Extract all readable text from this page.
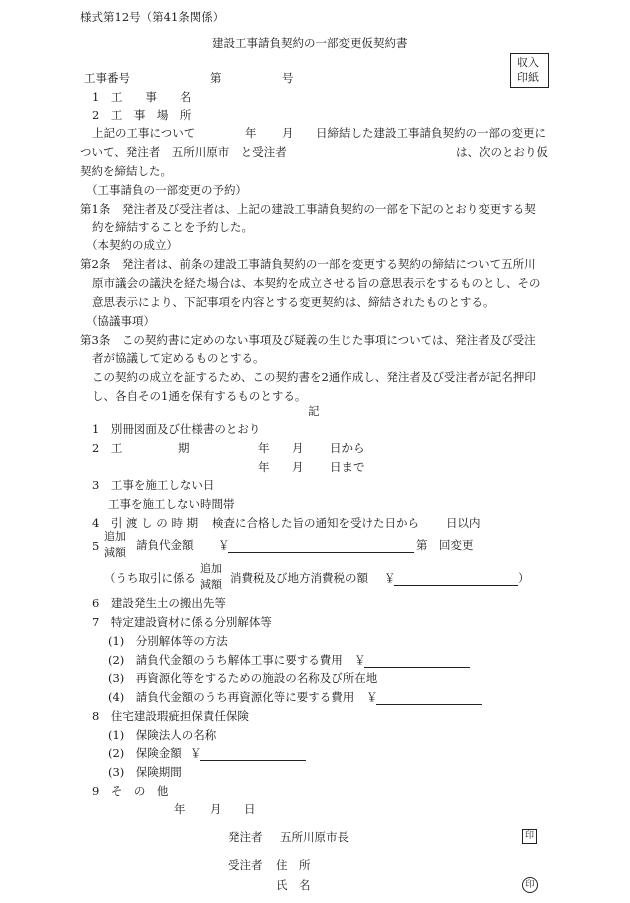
様式第12号（第41条関係）
建設工事請負契約の一部変更仮契約書
収入
印紙
工事番号	第	号
1　工　　事　　名
2　工　事　場　所
上記の工事について	年 月 日締結した建設工事請負契約の一部の変更に
ついて、発注者　五所川原市　と受注者	は、次のとおり仮
契約を締結した。
（工事請負の一部変更の予約）
第1条　発注者及び受注者は、上記の建設工事請負契約の一部を下記のとおり変更する契
約を締結することを予約した。
（本契約の成立）
第2条　発注者は、前条の建設工事請負契約の一部を変更する契約の締結について五所川
原市議会の議決を経た場合は、本契約を成立させる旨の意思表示をするものとし、その
意思表示により、下記事項を内容とする変更契約は、締結されたものとする。
（協議事項）
第3条　この契約書に定めのない事項及び疑義の生じた事項については、発注者及び受注
者が協議して定めるものとする。
この契約の成立を証するため、この契約書を2通作成し、発注者及び受注者が記名押印
し、各自その1通を保有するものとする。
記
1　別冊図面及び仕様書のとおり
2　工	期	年 月 日から
年 月 日まで
3　工事を施工しない日
工事を施工しない時間帯
4　引 渡 し の 時 期 検査に合格した旨の通知を受けた日から 日以内
5
追加
減額
請負代金額 ￥	第　回変更
（うち取引に係る
追加
減額 消費税及び地方消費税の額 ￥	）
6　建設発生土の搬出先等
7　特定建設資材に係る分別解体等
(1)　分別解体等の方法
(2)　請負代金額のうち解体工事に要する費用 ￥
(3)　再資源化等をするための施設の名称及び所在地
(4)　請負代金額のうち再資源化等に要する費用 ￥
8　住宅建設瑕疵担保責任保険
(1)　保険法人の名称
(2)　保険金額 ￥
(3)　保険期間
9　そ　の　他
年 月 日
発注者 五所川原市長	印
受注者 住　所
氏　名	印
